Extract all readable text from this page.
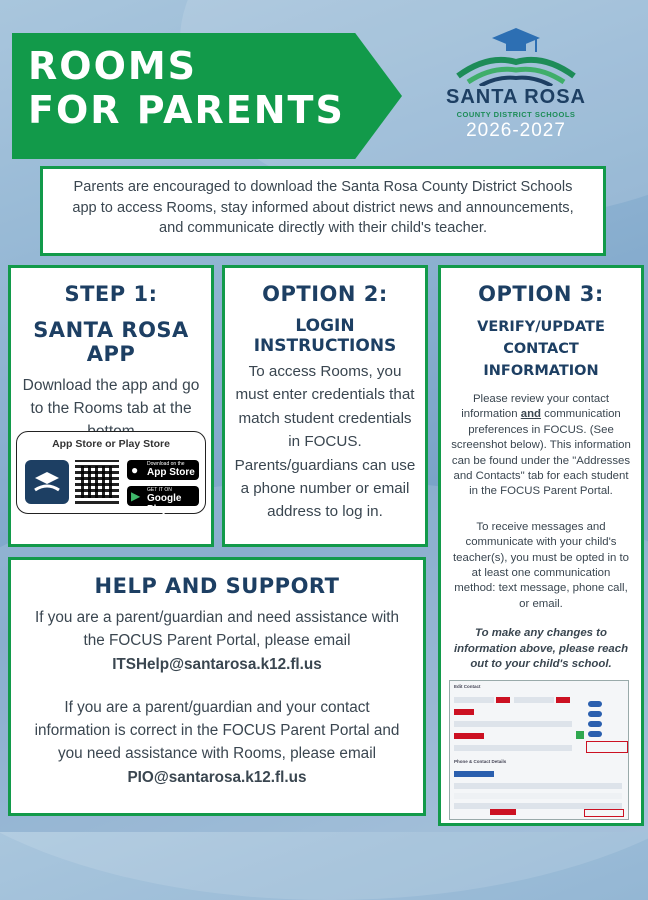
ROOMS
FOR PARENTS	SANTA ROSA
COUNTY DISTRICT SCHOOLS
2026-2027

Parents are encouraged to download the Santa Rosa County District Schools app to access Rooms, stay informed about district news and announcements, and communicate directly with their child's teacher.

STEP 1:
SANTA ROSA APP
Download the app and go to the Rooms tab at the
App Store or Play Store
● Download on the
App Store
▶ GET IT ON
Google Play
OPTION 2:
LOGIN INSTRUCTIONS
To access Rooms, you must enter credentials that match student credentials in FOCUS. Parents/guardians can use a phone number or email address to log in.
OPTION 3:
VERIFY/UPDATE CONTACT INFORMATION
Please review your contact information and communication preferences in FOCUS. (See screenshot below). This information can be found under the "Addresses and Contacts" tab for each student in the FOCUS Parent Portal.
To receive messages and communicate with your child's teacher(s), you must be opted in to at least one communication method: text message, phone call, or email.
To make any changes to information above, please reach out to your child's school.
Edit Contact
Phone & Contact Details
HELP AND SUPPORT
If you are a parent/guardian and need assistance with the FOCUS Parent Portal, please email ITSHelp@santarosa.k12.fl.us
If you are a parent/guardian and your contact information is correct in the FOCUS Parent Portal and you need assistance with Rooms, please email PIO@santarosa.k12.fl.us
